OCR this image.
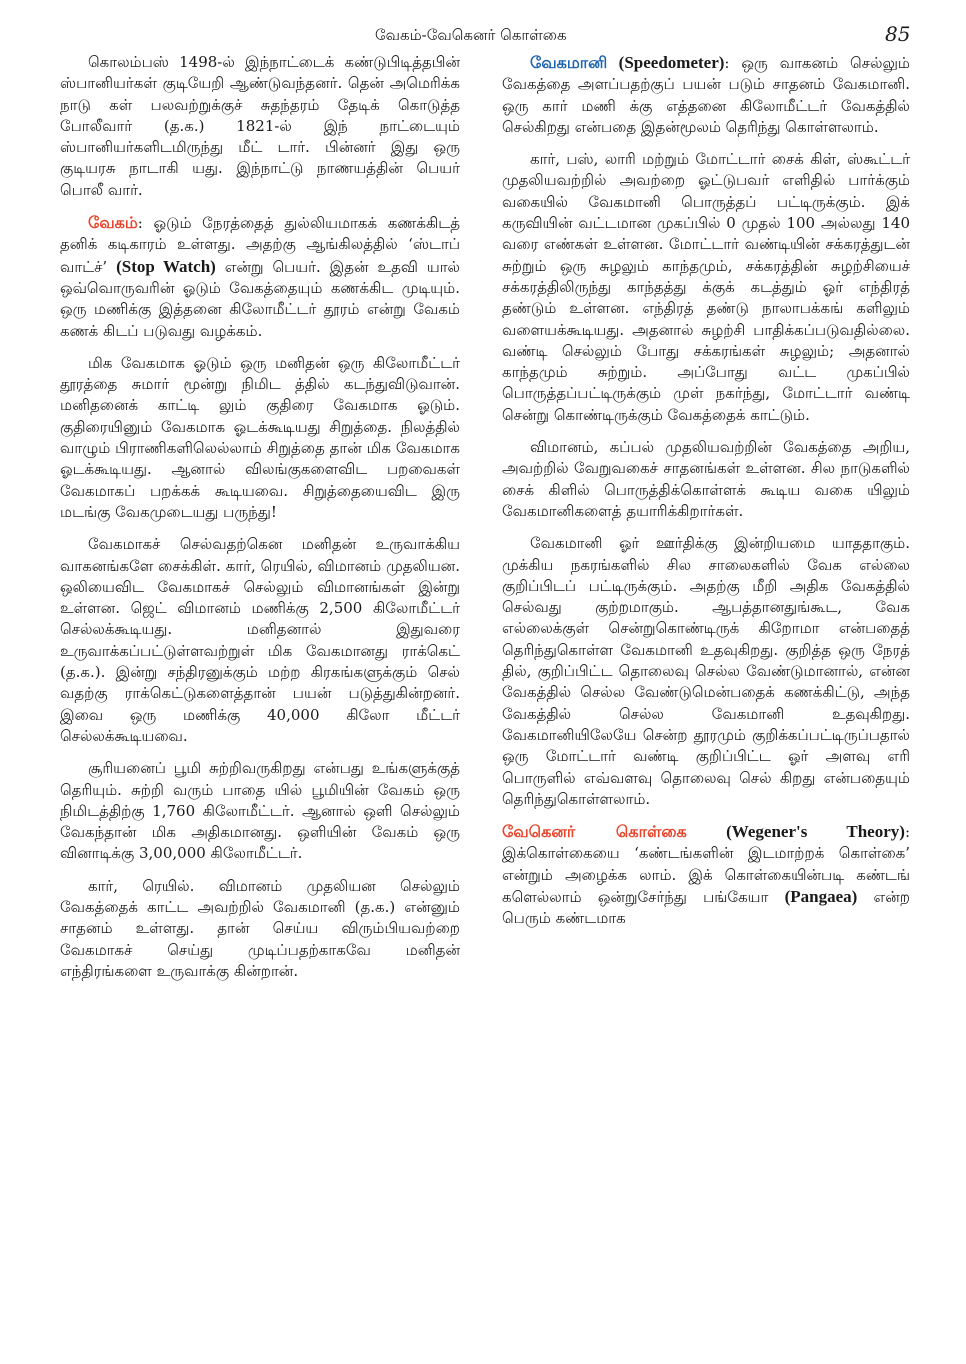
வேகம்-வேகெனர் கொள்கை	85

கொலம்பஸ் 1498-ல் இந்நாட்டைக் கண்டுபிடித்தபின் ஸ்பானியர்கள் குடியேறி ஆண்டுவந்தனர். தென் அமெரிக்க நாடு கள் பலவற்றுக்குச் சுதந்தரம் தேடிக் கொடுத்த போலீவார் (த.க.) 1821-ல் இந் நாட்டையும் ஸ்பானியர்களிடமிருந்து மீட் டார். பின்னர் இது ஒரு குடியரசு நாடாகி யது. இந்நாட்டு நாணயத்தின் பெயர் பொலீ வார்.

வேகம்: ஓடும் நேரத்தைத் துல்லியமாகக் கணக்கிடத் தனிக் கடிகாரம் உள்ளது. அதற்கு ஆங்கிலத்தில் ‘ஸ்டாப் வாட்ச்’ (Stop Watch) என்று பெயர். இதன் உதவி யால் ஒவ்வொருவரின் ஓடும் வேகத்தையும் கணக்கிட முடியும். ஒரு மணிக்கு இத்தனை கிலோமீட்டர் தூரம் என்று வேகம் கணக் கிடப் படுவது வழக்கம்.

மிக வேகமாக ஓடும் ஒரு மனிதன் ஒரு கிலோமீட்டர் தூரத்தை சுமார் மூன்று நிமிட த்தில் கடந்துவிடுவான். மனிதனைக் காட்டி லும் குதிரை வேகமாக ஓடும். குதிரையினும் வேகமாக ஓடக்கூடியது சிறுத்தை. நிலத்தில் வாழும் பிராணிகளிலெல்லாம் சிறுத்தை தான் மிக வேகமாக ஓடக்கூடியது. ஆனால் விலங்குகளைவிட பறவைகள் வேகமாகப் பறக்கக் கூடியவை. சிறுத்தையைவிட இரு மடங்கு வேகமுடையது பருந்து!

வேகமாகச் செல்வதற்கென மனிதன் உருவாக்கிய வாகனங்களே சைக்கிள். கார், ரெயில், விமானம் முதலியன. ஒலியைவிட வேகமாகச் செல்லும் விமானங்கள் இன்று உள்ளன. ஜெட் விமானம் மணிக்கு 2,500 கிலோமீட்டர் செல்லக்கூடியது. மனிதனால் இதுவரை உருவாக்கப்பட்டுள்ளவற்றுள் மிக வேகமானது ராக்கெட் (த.க.). இன்று சந்திரனுக்கும் மற்ற கிரகங்களுக்கும் செல் வதற்கு ராக்கெட்டுகளைத்தான் பயன் படுத்துகின்றனர். இவை ஒரு மணிக்கு 40,000 கிலோ மீட்டர் செல்லக்கூடியவை.

சூரியனைப் பூமி சுற்றிவருகிறது என்பது உங்களுக்குத் தெரியும். சுற்றி வரும் பாதை யில் பூமியின் வேகம் ஒரு நிமிடத்திற்கு 1,760 கிலோமீட்டர். ஆனால் ஒளி செல்லும் வேகந்தான் மிக அதிகமானது. ஒளியின் வேகம் ஒரு வினாடிக்கு 3,00,000 கிலோமீட்டர்.

கார், ரெயில். விமானம் முதலியன செல்லும் வேகத்தைக் காட்ட அவற்றில் வேகமானி (த.க.) என்னும் சாதனம் உள்ளது. தான் செய்ய விரும்பியவற்றை வேகமாகச் செய்து முடிப்பதற்காகவே மனிதன் எந்திரங்களை உருவாக்கு கின்றான்.

வேகமானி (Speedometer): ஒரு வாகனம் செல்லும் வேகத்தை அளப்பதற்குப் பயன் படும் சாதனம் வேகமானி. ஒரு கார் மணி க்கு எத்தனை கிலோமீட்டர் வேகத்தில் செல்கிறது என்பதை இதன்மூலம் தெரிந்து கொள்ளலாம்.

கார், பஸ், லாரி மற்றும் மோட்டார் சைக் கிள், ஸ்கூட்டர் முதலியவற்றில் அவற்றை ஓட்டுபவர் எளிதில் பார்க்கும் வகையில் வேகமானி பொருத்தப் பட்டிருக்கும். இக் கருவியின் வட்டமான முகப்பில் 0 முதல் 100 அல்லது 140 வரை எண்கள் உள்ளன. மோட்டார் வண்டியின் சக்கரத்துடன் சுற்றும் ஒரு சுழலும் காந்தமும், சக்கரத்தின் சுழற்சியைச் சக்கரத்திலிருந்து காந்தத்து க்குக் கடத்தும் ஓர் எந்திரத் தண்டும் உள்ளன. எந்திரத் தண்டு நாலாபக்கங் களிலும் வளையக்கூடியது. அதனால் சுழற்சி பாதிக்கப்படுவதில்லை. வண்டி செல்லும் போது சக்கரங்கள் சுழலும்; அதனால் காந்தமும் சுற்றும். அப்போது வட்ட முகப்பில் பொருத்தப்பட்டிருக்கும் முள் நகர்ந்து, மோட்டார் வண்டி சென்று கொண்டிருக்கும் வேகத்தைக் காட்டும்.

விமானம், கப்பல் முதலியவற்றின் வேகத்தை அறிய, அவற்றில் வேறுவகைச் சாதனங்கள் உள்ளன. சில நாடுகளில் சைக் கிளில் பொருத்திக்கொள்ளக் கூடிய வகை யிலும் வேகமானிகளைத் தயாரிக்கிறார்கள்.

வேகமானி ஓர் ஊர்திக்கு இன்றியமை யாததாகும். முக்கிய நகரங்களில் சில சாலைகளில் வேக எல்லை குறிப்பிடப் பட்டிருக்கும். அதற்கு மீறி அதிக வேகத்தில் செல்வது குற்றமாகும். ஆபத்தானதுங்கூட, வேக எல்லைக்குள் சென்றுகொண்டிருக் கிறோமா என்பதைத் தெரிந்துகொள்ள வேகமானி உதவுகிறது. குறித்த ஒரு நேரத் தில், குறிப்பிட்ட தொலைவு செல்ல வேண்டுமானால், என்ன வேகத்தில் செல்ல வேண்டுமென்பதைக் கணக்கிட்டு, அந்த வேகத்தில் செல்ல வேகமானி உதவுகிறது. வேகமானியிலேயே சென்ற தூரமும் குறிக்கப்பட்டிருப்பதால் ஒரு மோட்டார் வண்டி குறிப்பிட்ட ஓர் அளவு எரி பொருளில் எவ்வளவு தொலைவு செல் கிறது என்பதையும் தெரிந்துகொள்ளலாம்.

வேகெனர் கொள்கை (Wegener's Theory): இக்கொள்கையை ‘கண்டங்களின் இடமாற்றக் கொள்கை’ என்றும் அழைக்க லாம். இக் கொள்கையின்படி கண்டங் களெல்லாம் ஒன்றுசேர்ந்து பங்கேயா (Pangaea) என்ற பெரும் கண்டமாக
